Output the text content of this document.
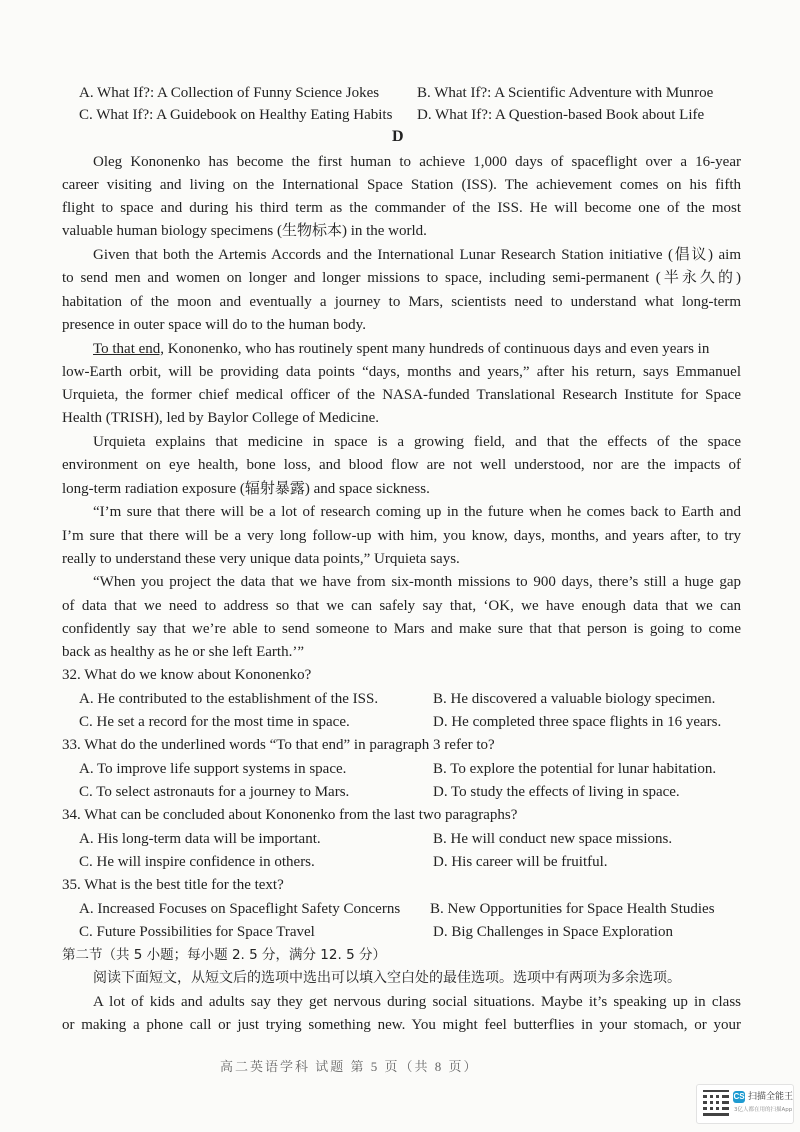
A. What If?: A Collection of Funny Science Jokes	B. What If?: A Scientific Adventure with Munroe
C. What If?: A Guidebook on Healthy Eating Habits D. What If?: A Question-based Book about Life
D
Oleg Kononenko has become the first human to achieve 1,000 days of spaceflight over a 16-year
career visiting and living on the International Space Station (ISS). The achievement comes on his fifth
flight to space and during his third term as the commander of the ISS. He will become one of the most
valuable human biology specimens (生物标本) in the world.
Given that both the Artemis Accords and the International Lunar Research Station initiative (倡议) aim
to send men and women on longer and longer missions to space, including semi-permanent (半永久的)
habitation of the moon and eventually a journey to Mars, scientists need to understand what long-term
presence in outer space will do to the human body.
To that end, Kononenko, who has routinely spent many hundreds of continuous days and even years in
low-Earth orbit, will be providing data points “days, months and years,” after his return, says Emmanuel
Urquieta, the former chief medical officer of the NASA-funded Translational Research Institute for Space
Health (TRISH), led by Baylor College of Medicine.
Urquieta explains that medicine in space is a growing field, and that the effects of the space
environment on eye health, bone loss, and blood flow are not well understood, nor are the impacts of
long-term radiation exposure (辐射暴露) and space sickness.
“I’m sure that there will be a lot of research coming up in the future when he comes back to Earth and
I’m sure that there will be a very long follow-up with him, you know, days, months, and years after, to try
really to understand these very unique data points,” Urquieta says.
“When you project the data that we have from six-month missions to 900 days, there’s still a huge gap
of data that we need to address so that we can safely say that, ‘OK, we have enough data that we can
confidently say that we’re able to send someone to Mars and make sure that that person is going to come
back as healthy as he or she left Earth.’”
32. What do we know about Kononenko?
A. He contributed to the establishment of the ISS.	B. He discovered a valuable biology specimen.
C. He set a record for the most time in space.	D. He completed three space flights in 16 years.
33. What do the underlined words “To that end” in paragraph 3 refer to?
A. To improve life support systems in space.	B. To explore the potential for lunar habitation.
C. To select astronauts for a journey to Mars.	D. To study the effects of living in space.
34. What can be concluded about Kononenko from the last two paragraphs?
A. His long-term data will be important.	B. He will conduct new space missions.
C. He will inspire confidence in others.	D. His career will be fruitful.
35. What is the best title for the text?
A. Increased Focuses on Spaceflight Safety Concerns B. New Opportunities for Space Health Studies
C. Future Possibilities for Space Travel	D. Big Challenges in Space Exploration
第二节（共 5 小题；每小题 2. 5 分，满分 12. 5 分）
阅读下面短文，从短文后的选项中选出可以填入空白处的最佳选项。选项中有两项为多余选项。
A lot of kids and adults say they get nervous during social situations. Maybe it’s speaking up in class
or making a phone call or just trying something new. You might feel butterflies in your stomach, or your
高二英语学科 试题 第 5 页（共 8 页）
CS 扫描全能王
3亿人都在用的扫描App
